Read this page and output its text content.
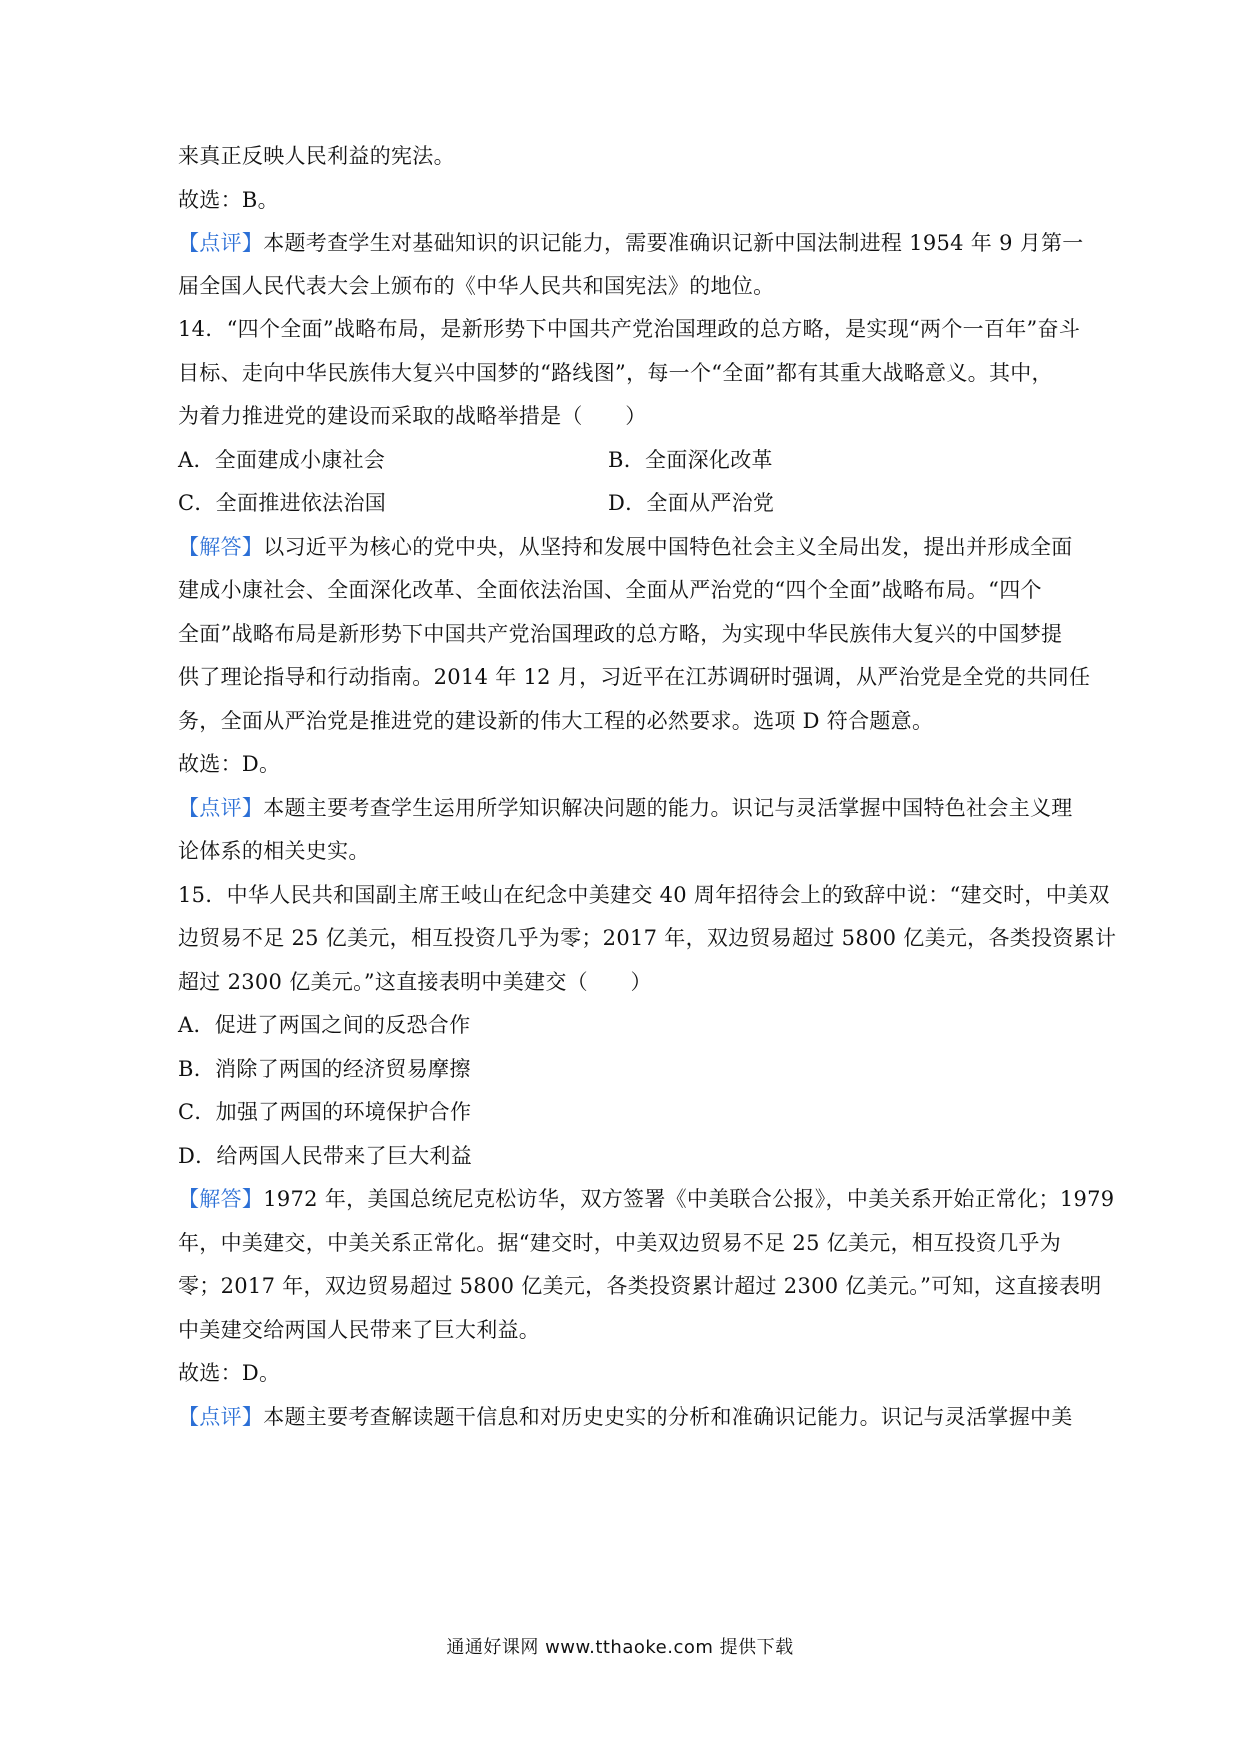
来真正反映人民利益的宪法。
故选：B。
【点评】本题考查学生对基础知识的识记能力，需要准确识记新中国法制进程 1954 年 9 月第一
届全国人民代表大会上颁布的《中华人民共和国宪法》的地位。
14．“四个全面”战略布局，是新形势下中国共产党治国理政的总方略，是实现“两个一百年”奋斗
目标、走向中华民族伟大复兴中国梦的“路线图”，每一个“全面”都有其重大战略意义。其中，
为着力推进党的建设而采取的战略举措是（　　）
A．全面建成小康社会	B．全面深化改革
C．全面推进依法治国	D．全面从严治党
【解答】以习近平为核心的党中央，从坚持和发展中国特色社会主义全局出发，提出并形成全面
建成小康社会、全面深化改革、全面依法治国、全面从严治党的“四个全面”战略布局。“四个
全面”战略布局是新形势下中国共产党治国理政的总方略，为实现中华民族伟大复兴的中国梦提
供了理论指导和行动指南。2014 年 12 月，习近平在江苏调研时强调，从严治党是全党的共同任
务，全面从严治党是推进党的建设新的伟大工程的必然要求。选项 D 符合题意。
故选：D。
【点评】本题主要考查学生运用所学知识解决问题的能力。识记与灵活掌握中国特色社会主义理
论体系的相关史实。
15．中华人民共和国副主席王岐山在纪念中美建交 40 周年招待会上的致辞中说：“建交时，中美双
边贸易不足 25 亿美元，相互投资几乎为零；2017 年，双边贸易超过 5800 亿美元，各类投资累计
超过 2300 亿美元。”这直接表明中美建交（　　）
A．促进了两国之间的反恐合作
B．消除了两国的经济贸易摩擦
C．加强了两国的环境保护合作
D．给两国人民带来了巨大利益
【解答】1972 年，美国总统尼克松访华，双方签署《中美联合公报》，中美关系开始正常化；1979
年，中美建交，中美关系正常化。据“建交时，中美双边贸易不足 25 亿美元，相互投资几乎为
零；2017 年，双边贸易超过 5800 亿美元，各类投资累计超过 2300 亿美元。”可知，这直接表明
中美建交给两国人民带来了巨大利益。
故选：D。
【点评】本题主要考查解读题干信息和对历史史实的分析和准确识记能力。识记与灵活掌握中美
通通好课网 www.tthaoke.com 提供下载
